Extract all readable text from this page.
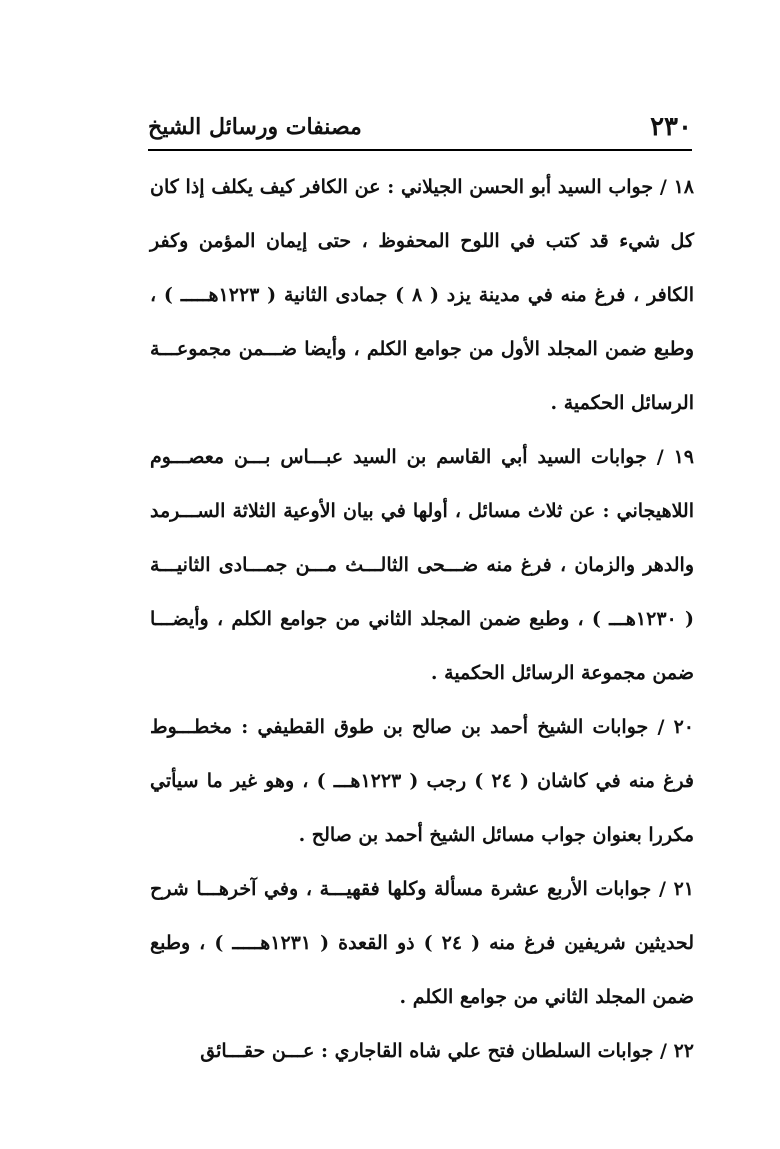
٢٣٠
مصنفات ورسائل الشيخ

١٨ / جواب السيد أبو الحسن الجيلاني : عن الكافر كيف يكلف إذا كان كل شيء قد كتب في اللوح المحفوظ ، حتى إيمان المؤمن وكفر الكافر ، فرغ منه في مدينة يزد ( ٨ ) جمادى الثانية ( ١٢٢٣هـــــ ) ، وطبع ضمن المجلد الأول من جوامع الكلم ، وأيضا ضـــمن مجموعـــة الرسائل الحكمية .

١٩ / جوابات السيد أبي القاسم بن السيد عبـــاس بـــن معصـــوم اللاهيجاني : عن ثلاث مسائل ، أولها في بيان الأوعية الثلاثة الســـرمد والدهر والزمان ، فرغ منه ضـــحى الثالـــث مـــن جمـــادى الثانيـــة ( ١٢٣٠هـــ ) ، وطبع ضمن المجلد الثاني من جوامع الكلم ، وأيضـــا ضمن مجموعة الرسائل الحكمية .

٢٠ / جوابات الشيخ أحمد بن صالح بن طوق القطيفي : مخطـــوط فرغ منه في كاشان ( ٢٤ ) رجب ( ١٢٢٣هـــ ) ، وهو غير ما سيأتي مكررا بعنوان جواب مسائل الشيخ أحمد بن صالح .

٢١ / جوابات الأربع عشرة مسألة وكلها فقهيـــة ، وفي آخرهـــا شرح لحديثين شريفين فرغ منه ( ٢٤ ) ذو القعدة ( ١٢٣١هـــــ ) ، وطبع ضمن المجلد الثاني من جوامع الكلم .

٢٢ / جوابات السلطان فتح علي شاه القاجاري : عـــن حقـــائق
